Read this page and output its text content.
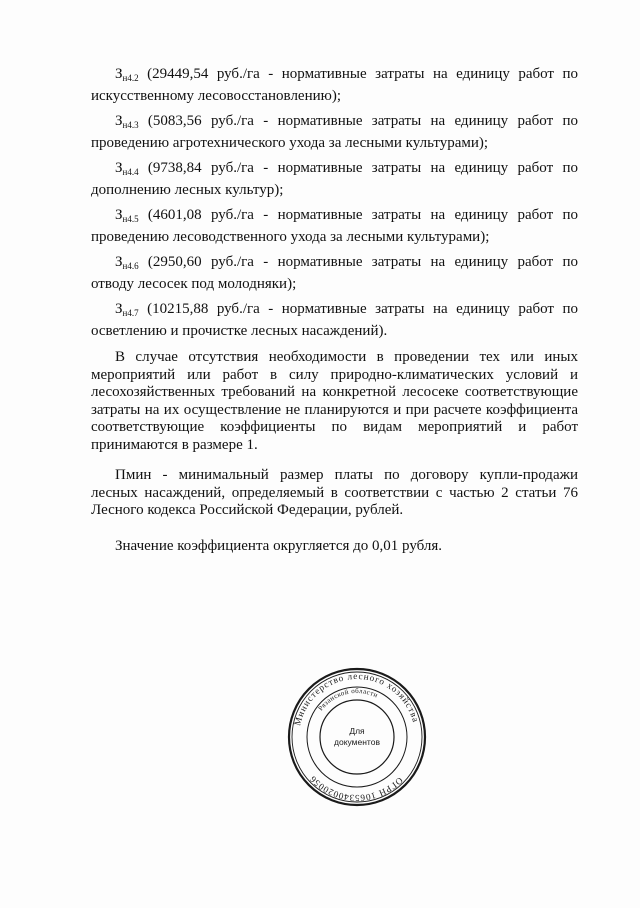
$З_{н4.2}$ (29449,54 руб./га - нормативные затраты на единицу работ по
искусственному лесовосстановлению);

$З_{н4.3}$ (5083,56 руб./га - нормативные затраты на единицу работ по
проведению агротехнического ухода за лесными культурами);

$З_{н4.4}$ (9738,84 руб./га - нормативные затраты на единицу работ по
дополнению лесных культур);

$З_{н4.5}$ (4601,08 руб./га - нормативные затраты на единицу работ по
проведению лесоводственного ухода за лесными культурами);

$З_{н4.6}$ (2950,60 руб./га - нормативные затраты на единицу работ по
отводу лесосек под молодняки);

$З_{н4.7}$ (10215,88 руб./га - нормативные затраты на единицу работ по
осветлению и прочистке лесных насаждений).

В случае отсутствия необходимости в проведении тех или иных
мероприятий или работ в силу природно-климатических условий и лесохозяйственных требований на конкретной лесосеке соответствующие затраты на их осуществление не планируются и при расчете коэффициента соответствующие коэффициенты по видам мероприятий и работ принимаются в размере 1.

Пмин - минимальный размер платы по договору купли-продажи
лесных насаждений, определяемый в соответствии с частью 2 статьи 76 Лесного кодекса Российской Федерации, рублей.

Значение коэффициента округляется до 0,01 рубля.

Министерство лесного хозяйства
ОГРН 1065340020056
Рязанской области
Для
документов
